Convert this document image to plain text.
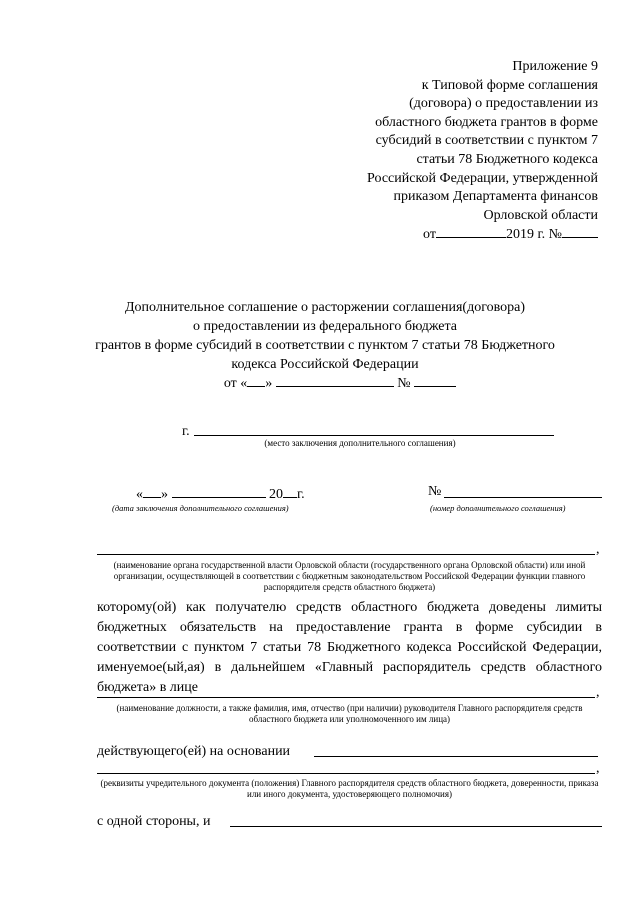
Приложение 9
к Типовой форме соглашения
(договора) о предоставлении из
областного бюджета грантов в форме
субсидий в соответствии с пунктом 7
статьи 78 Бюджетного кодекса
Российской Федерации, утвержденной
приказом Департамента финансов
Орловской области
от	2019 г. №
Дополнительное соглашение о расторжении соглашения(договора)
о предоставлении из федерального бюджета
грантов в форме субсидий в соответствии с пунктом 7 статьи 78 Бюджетного
кодекса Российской Федерации
от « »	№
г.
(место заключения дополнительного соглашения)
« »	20 г.
(дата заключения дополнительного соглашения)
№
(номер дополнительного соглашения)
,
(наименование органа государственной власти Орловской области (государственного органа Орловской области) или иной организации, осуществляющей в соответствии с бюджетным законодательством Российской Федерации функции главного распорядителя средств областного бюджета)
которому(ой) как получателю средств областного бюджета доведены лимиты бюджетных обязательств на предоставление гранта в форме субсидии в соответствии с пунктом 7 статьи 78 Бюджетного кодекса Российской Федерации, именуемое(ый,ая) в дальнейшем «Главный распорядитель средств областного бюджета» в лице	,
(наименование должности, а также фамилия, имя, отчество (при наличии) руководителя Главного распорядителя средств областного бюджета или уполномоченного им лица)
действующего(ей) на основании
,
(реквизиты учредительного документа (положения) Главного распорядителя средств областного бюджета, доверенности, приказа или иного документа, удостоверяющего полномочия)
с одной стороны, и
